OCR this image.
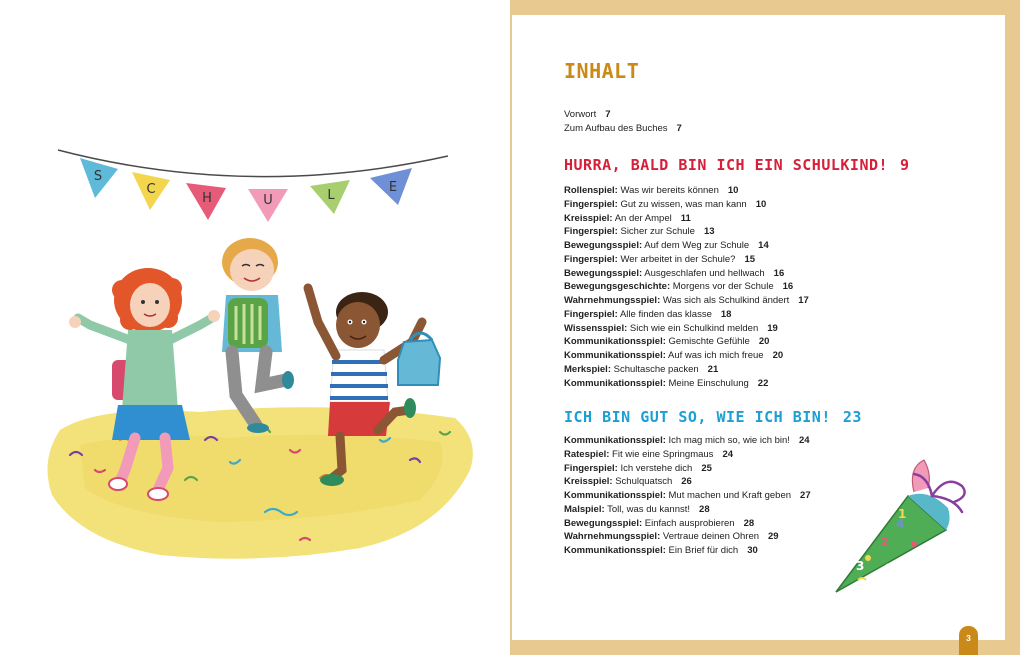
S
C
H	U	L
E
INHALT
Vorwort 7
Zum Aufbau des Buches 7
HURRA, BALD BIN ICH EIN SCHULKIND! 9
Rollenspiel: Was wir bereits können 10
Fingerspiel: Gut zu wissen, was man kann 10
Kreisspiel: An der Ampel 11
Fingerspiel: Sicher zur Schule 13
Bewegungsspiel: Auf dem Weg zur Schule 14
Fingerspiel: Wer arbeitet in der Schule? 15
Bewegungsspiel: Ausgeschlafen und hellwach 16
Bewegungsgeschichte: Morgens vor der Schule 16
Wahrnehmungsspiel: Was sich als Schulkind ändert 17
Fingerspiel: Alle finden das klasse 18
Wissensspiel: Sich wie ein Schulkind melden 19
Kommunikationsspiel: Gemischte Gefühle 20
Kommunikationsspiel: Auf was ich mich freue 20
Merkspiel: Schultasche packen 21
Kommunikationsspiel: Meine Einschulung 22
ICH BIN GUT SO, WIE ICH BIN! 23
Kommunikationsspiel: Ich mag mich so, wie ich bin! 24
Ratespiel: Fit wie eine Springmaus 24
Fingerspiel: Ich verstehe dich 25
Kreisspiel: Schulquatsch 26
Kommunikationsspiel: Mut machen und Kraft geben 27
Malspiel: Toll, was du kannst! 28
Bewegungsspiel: Einfach ausprobieren 28
Wahrnehmungsspiel: Vertraue deinen Ohren 29
Kommunikationsspiel: Ein Brief für dich 30
1
2
3
4
3
